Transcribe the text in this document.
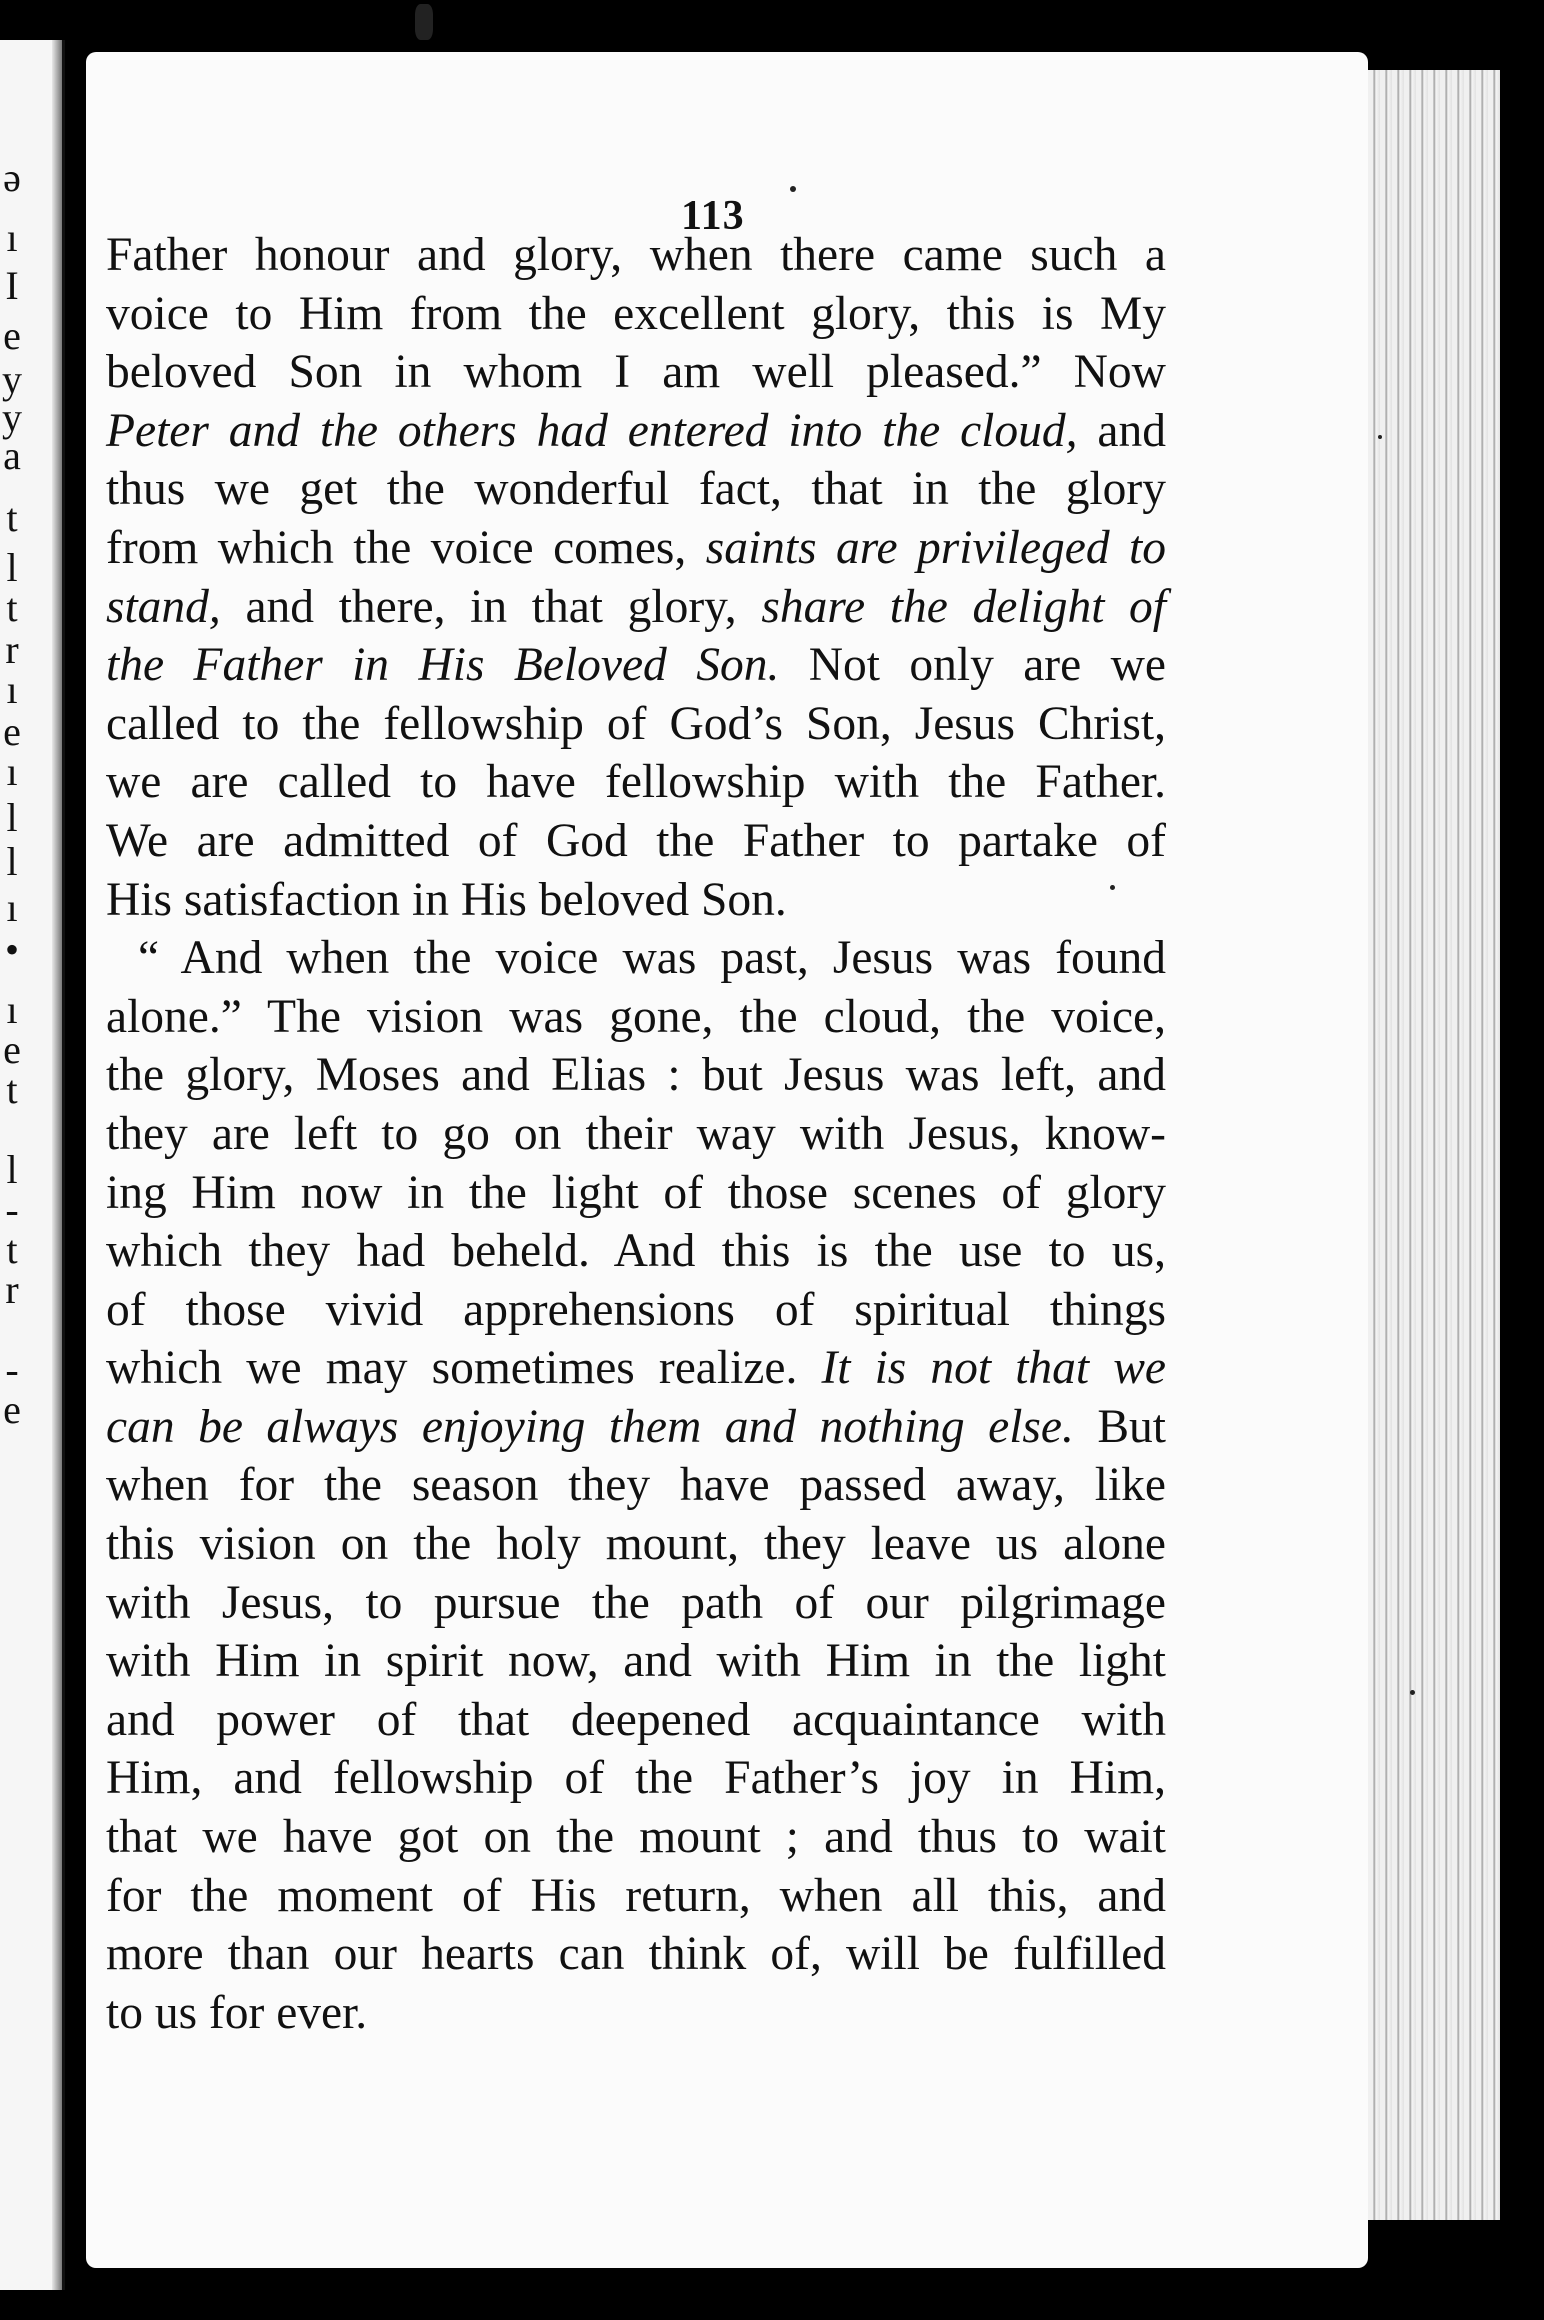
ə
ı
I
e
y
y
a
t
l
t
r
ı
e
ı
l
l
ı
•
ı
e
t
l
-
t
r
-
e
113
Father honour and glory, when there came such a
voice to Him from the excellent glory, this is My
beloved Son in whom I am well pleased.” Now
Peter and the others had entered into the cloud, and
thus we get the wonderful fact, that in the glory
from which the voice comes, saints are privileged to
stand, and there, in that glory, share the delight of
the Father in His Beloved Son. Not only are we
called to the fellowship of God’s Son, Jesus Christ,
we are called to have fellowship with the Father.
We are admitted of God the Father to partake of
His satisfaction in His beloved Son.
“ And when the voice was past, Jesus was found
alone.” The vision was gone, the cloud, the voice,
the glory, Moses and Elias : but Jesus was left, and
they are left to go on their way with Jesus, know-
ing Him now in the light of those scenes of glory
which they had beheld. And this is the use to us,
of those vivid apprehensions of spiritual things
which we may sometimes realize. It is not that we
can be always enjoying them and nothing else. But
when for the season they have passed away, like
this vision on the holy mount, they leave us alone
with Jesus, to pursue the path of our pilgrimage
with Him in spirit now, and with Him in the light
and power of that deepened acquaintance with
Him, and fellowship of the Father’s joy in Him,
that we have got on the mount ; and thus to wait
for the moment of His return, when all this, and
more than our hearts can think of, will be fulfilled
to us for ever.
